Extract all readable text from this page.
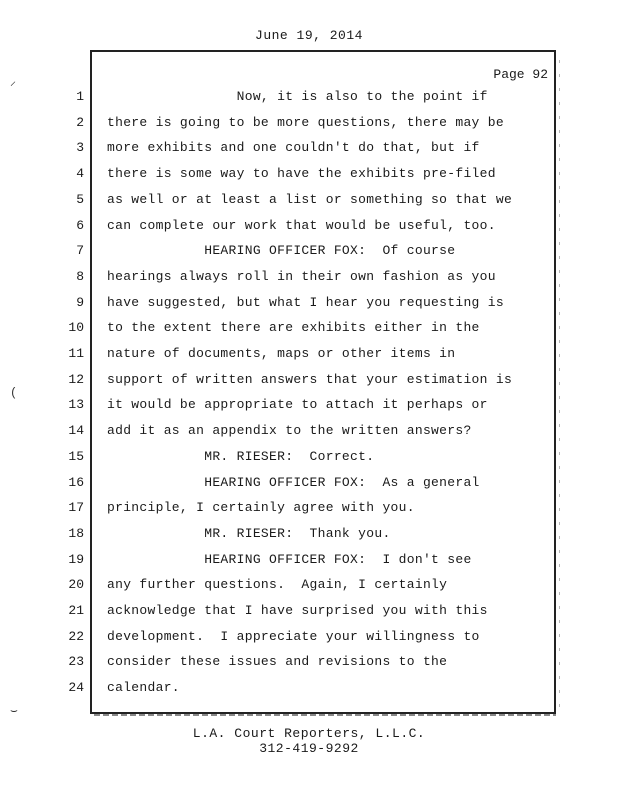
June 19, 2014
Page 92
1 Now, it is also to the point if
2 there is going to be more questions, there may be
3 more exhibits and one couldn't do that, but if
4 there is some way to have the exhibits pre-filed
5 as well or at least a list or something so that we
6 can complete our work that would be useful, too.
7 HEARING OFFICER FOX:  Of course
8 hearings always roll in their own fashion as you
9 have suggested, but what I hear you requesting is
10 to the extent there are exhibits either in the
11 nature of documents, maps or other items in
12 support of written answers that your estimation is
13 it would be appropriate to attach it perhaps or
14 add it as an appendix to the written answers?
15 MR. RIESER:  Correct.
16 HEARING OFFICER FOX:  As a general
17 principle, I certainly agree with you.
18 MR. RIESER:  Thank you.
19 HEARING OFFICER FOX:  I don't see
20 any further questions.  Again, I certainly
21 acknowledge that I have surprised you with this
22 development.  I appreciate your willingness to
23 consider these issues and revisions to the
24 calendar.
⸝
(
⌣
L.A. Court Reporters, L.L.C.
312-419-9292
